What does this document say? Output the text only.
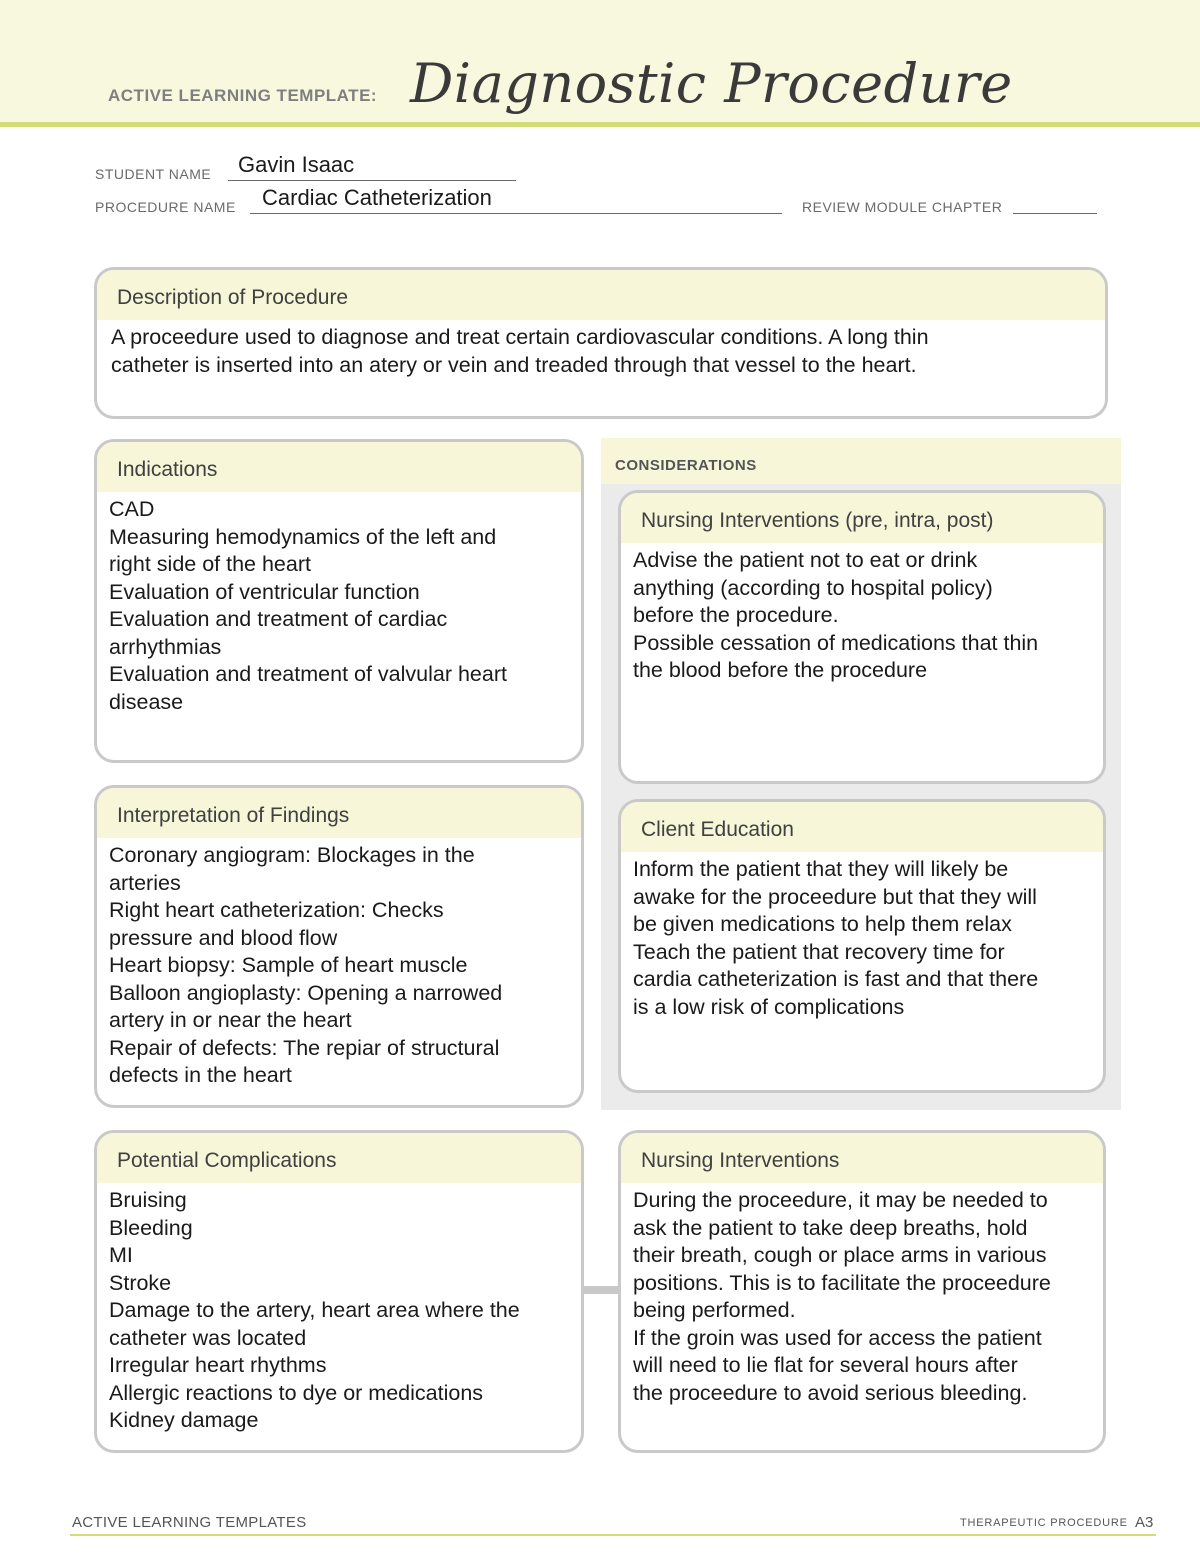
ACTIVE LEARNING TEMPLATE: Diagnostic Procedure
STUDENT NAME Gavin Isaac
PROCEDURE NAME Cardiac Catheterization	REVIEW MODULE CHAPTER
Description of Procedure
A proceedure used to diagnose and treat certain cardiovascular conditions. A long thin
catheter is inserted into an atery or vein and treaded through that vessel to the heart.
CONSIDERATIONS
Indications
CAD
Measuring hemodynamics of the left and
right side of the heart
Evaluation of ventricular function
Evaluation and treatment of cardiac
arrhythmias
Evaluation and treatment of valvular heart
disease
Nursing Interventions (pre, intra, post)
Advise the patient not to eat or drink
anything (according to hospital policy)
before the procedure.
Possible cessation of medications that thin
the blood before the procedure
Interpretation of Findings
Coronary angiogram: Blockages in the
arteries
Right heart catheterization: Checks
pressure and blood flow
Heart biopsy: Sample of heart muscle
Balloon angioplasty: Opening a narrowed
artery in or near the heart
Repair of defects: The repiar of structural
defects in the heart
Client Education
Inform the patient that they will likely be
awake for the proceedure but that they will
be given medications to help them relax
Teach the patient that recovery time for
cardia catheterization is fast and that there
is a low risk of complications
Potential Complications
Bruising
Bleeding
MI
Stroke
Damage to the artery, heart area where the
catheter was located
Irregular heart rhythms
Allergic reactions to dye or medications
Kidney damage
Nursing Interventions
During the proceedure, it may be needed to
ask the patient to take deep breaths, hold
their breath, cough or place arms in various
positions. This is to facilitate the proceedure
being performed.
If the groin was used for access the patient
will need to lie flat for several hours after
the proceedure to avoid serious bleeding.
ACTIVE LEARNING TEMPLATES	THERAPEUTIC PROCEDURE A3
